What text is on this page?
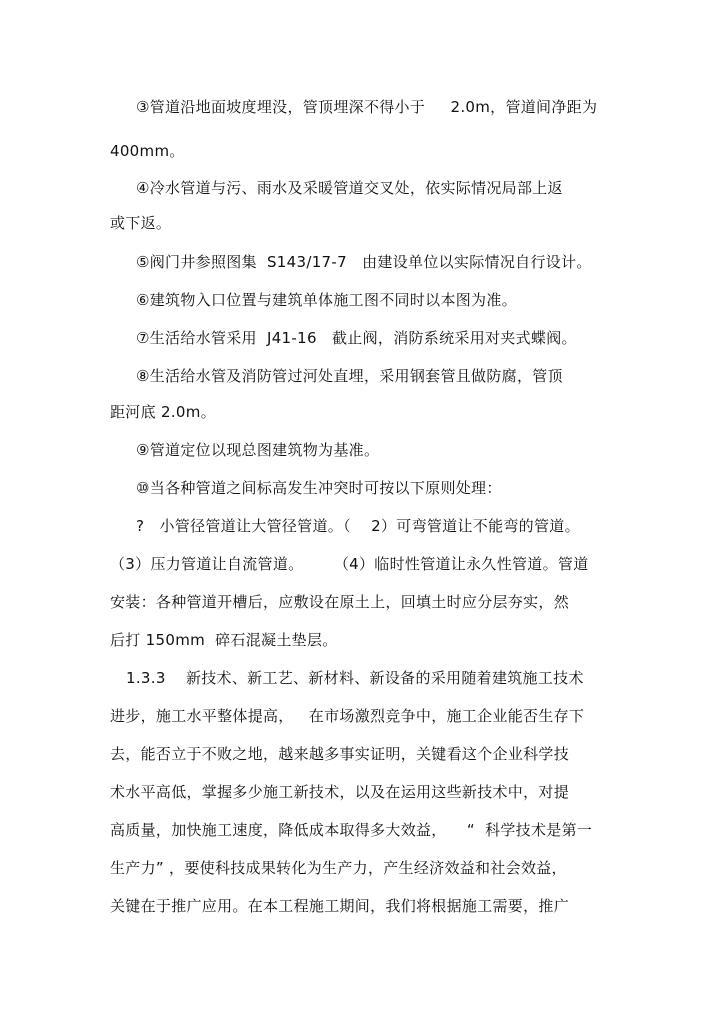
③管道沿地面坡度埋没，管顶埋深不得小于     2.0m，管道间净距为

400mm。

④冷水管道与污、雨水及采暖管道交叉处，依实际情况局部上返

或下返。

⑤阀门井参照图集  S143/17-7   由建设单位以实际情况自行设计。

⑥建筑物入口位置与建筑单体施工图不同时以本图为准。

⑦生活给水管采用  J41-16   截止阀，消防系统采用对夹式蝶阀。

⑧生活给水管及消防管过河处直埋，采用钢套管且做防腐，管顶

距河底 2.0m。

⑨管道定位以现总图建筑物为基准。

⑩当各种管道之间标高发生冲突时可按以下原则处理：

?   小管径管道让大管径管道。（    2）可弯管道让不能弯的管道。

（3）压力管道让自流管道。      （4）临时性管道让永久性管道。管道

安装：各种管道开槽后，应敷设在原土上，回填土时应分层夯实，然

后打 150mm  碎石混凝土垫层。

1.3.3    新技术、新工艺、新材料、新设备的采用随着建筑施工技术

进步，施工水平整体提高，   在市场激烈竞争中，施工企业能否生存下

去，能否立于不败之地，越来越多事实证明，关键看这个企业科学技

术水平高低，掌握多少施工新技术，以及在运用这些新技术中，对提

高质量，加快施工速度，降低成本取得多大效益，    “  科学技术是第一

生产力” ，要使科技成果转化为生产力，产生经济效益和社会效益，

关键在于推广应用。在本工程施工期间，我们将根据施工需要，推广
